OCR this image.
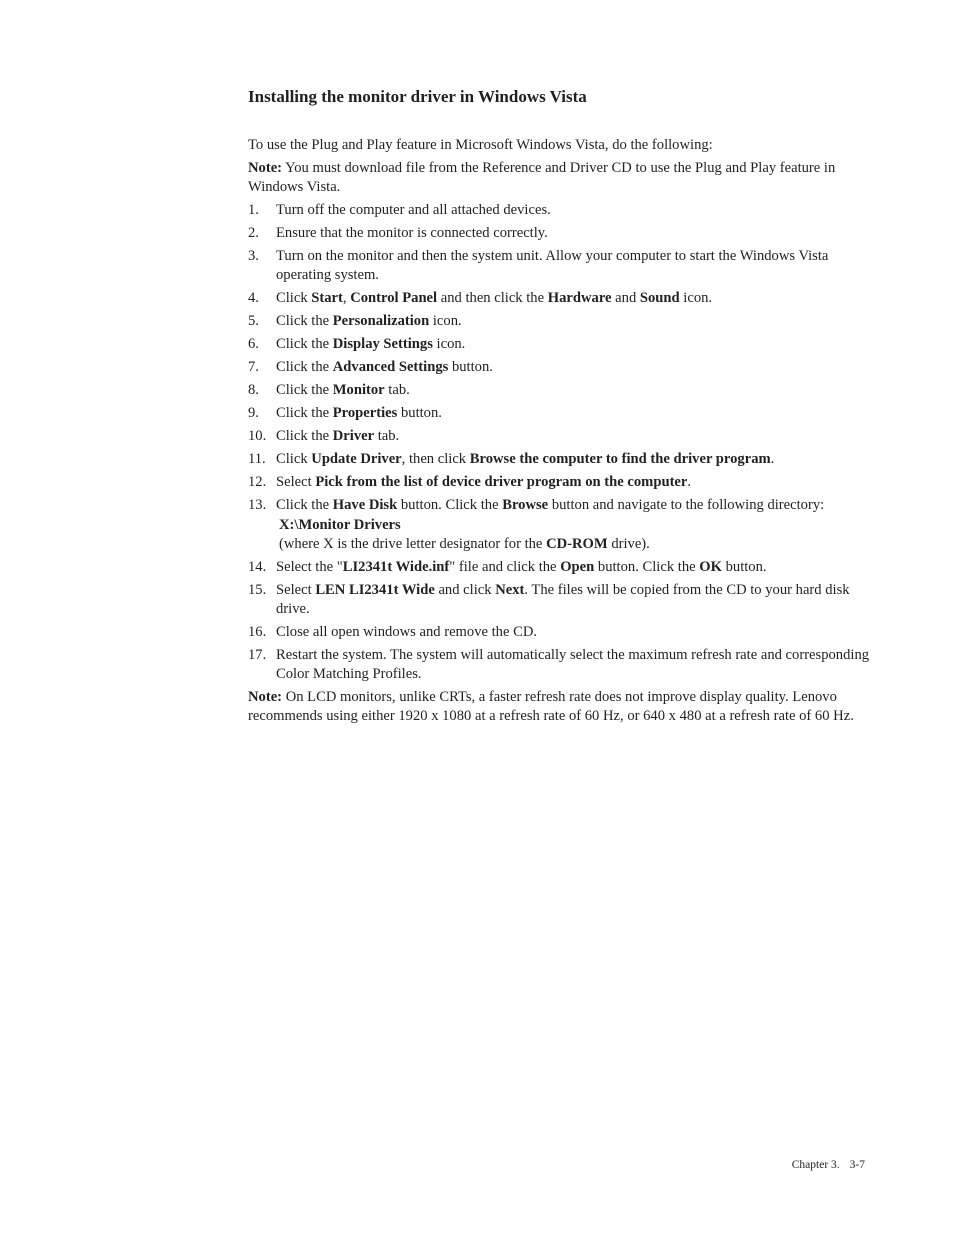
Installing the monitor driver in Windows Vista

To use the Plug and Play feature in Microsoft Windows Vista, do the following:

Note: You must download file from the Reference and Driver CD to use the Plug and Play feature in Windows Vista.

1. Turn off the computer and all attached devices.
2. Ensure that the monitor is connected correctly.
3. Turn on the monitor and then the system unit. Allow your computer to start the Windows Vista operating system.
4. Click Start, Control Panel and then click the Hardware and Sound icon.
5. Click the Personalization icon.
6. Click the Display Settings icon.
7. Click the Advanced Settings button.
8. Click the Monitor tab.
9. Click the Properties button.
10. Click the Driver tab.
11. Click Update Driver, then click Browse the computer to find the driver program.
12. Select Pick from the list of device driver program on the computer.
13. Click the Have Disk button. Click the Browse button and navigate to the following directory:
X:\Monitor Drivers
(where X is the drive letter designator for the CD-ROM drive).
14. Select the "LI2341t Wide.inf" file and click the Open button. Click the OK button.
15. Select LEN LI2341t Wide and click Next. The files will be copied from the CD to your hard disk drive.
16. Close all open windows and remove the CD.
17. Restart the system. The system will automatically select the maximum refresh rate and corresponding Color Matching Profiles.

Note: On LCD monitors, unlike CRTs, a faster refresh rate does not improve display quality. Lenovo recommends using either 1920 x 1080 at a refresh rate of 60 Hz, or 640 x 480 at a refresh rate of 60 Hz.

Chapter 3. 3-7
